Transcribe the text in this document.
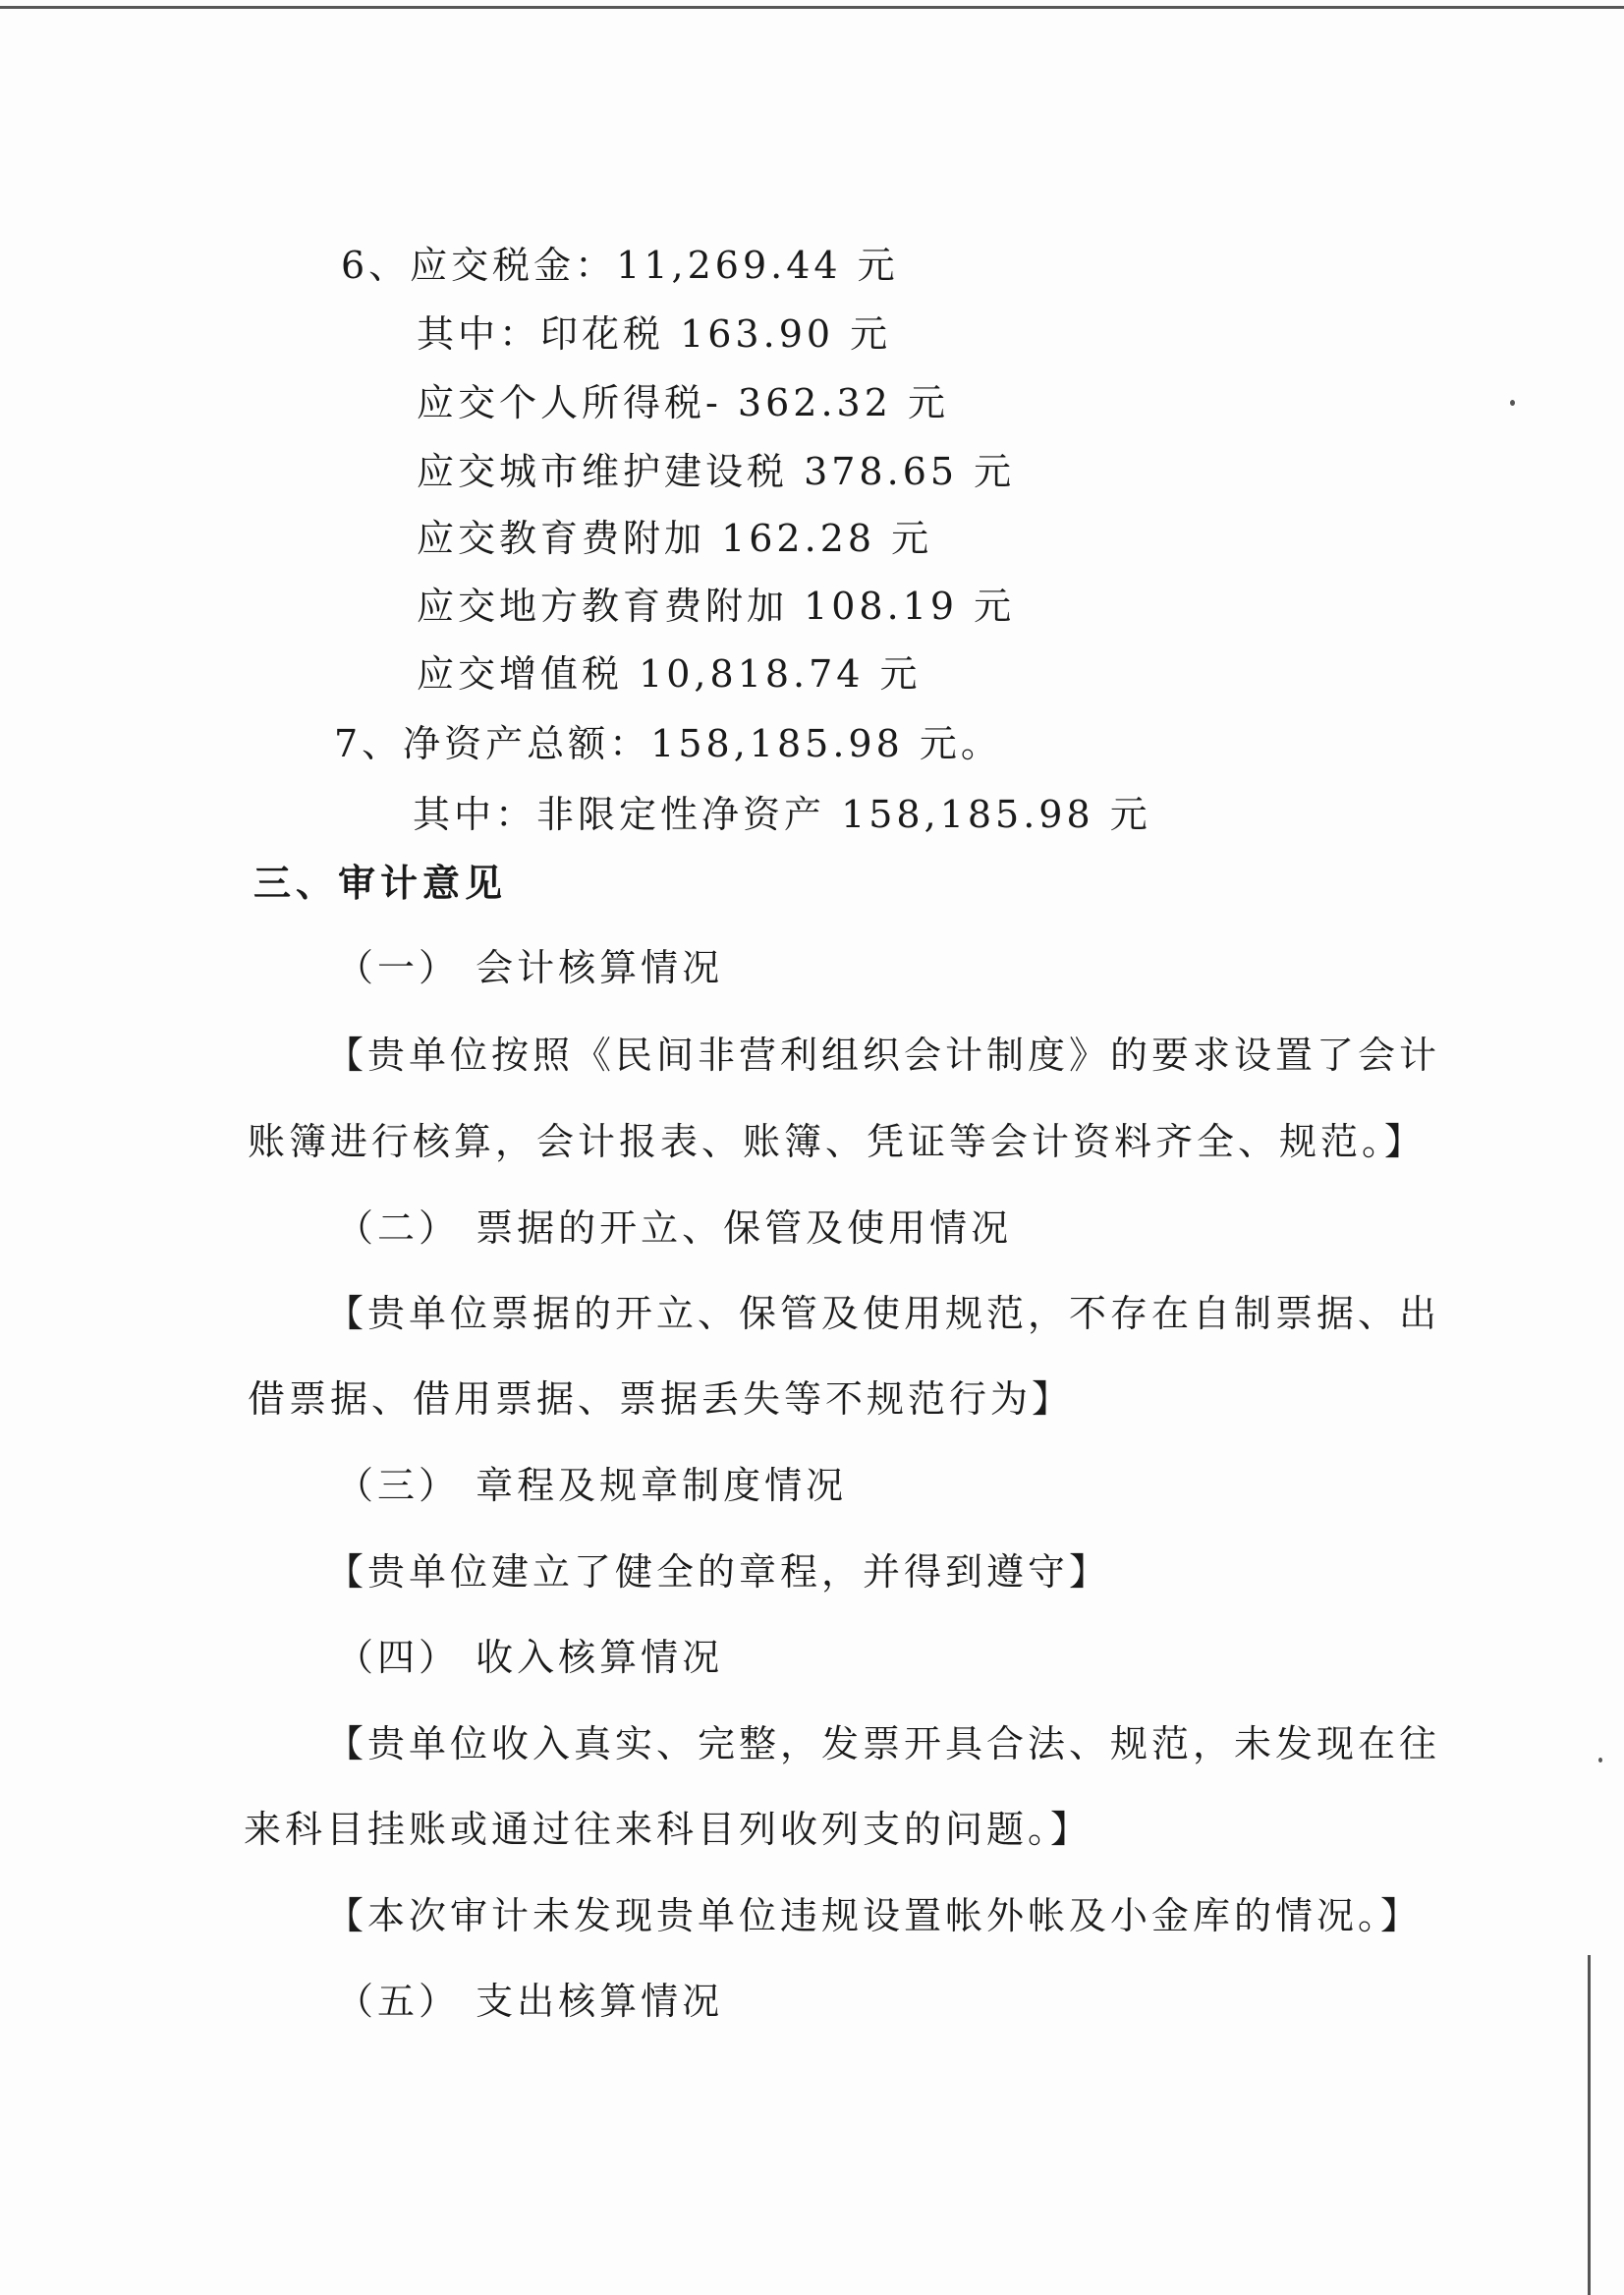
6、应交税金：11,269.44 元
其中：印花税 163.90 元
应交个人所得税- 362.32 元
应交城市维护建设税 378.65 元
应交教育费附加 162.28 元
应交地方教育费附加 108.19 元
应交增值税 10,818.74 元
7、净资产总额：158,185.98 元。
其中：非限定性净资产 158,185.98 元
三、审计意见
（一） 会计核算情况
【贵单位按照《民间非营利组织会计制度》的要求设置了会计
账簿进行核算，会计报表、账簿、凭证等会计资料齐全、规范。】
（二） 票据的开立、保管及使用情况
【贵单位票据的开立、保管及使用规范，不存在自制票据、出
借票据、借用票据、票据丢失等不规范行为】
（三） 章程及规章制度情况
【贵单位建立了健全的章程，并得到遵守】
（四） 收入核算情况
【贵单位收入真实、完整，发票开具合法、规范，未发现在往
来科目挂账或通过往来科目列收列支的问题。】
【本次审计未发现贵单位违规设置帐外帐及小金库的情况。】
（五） 支出核算情况
